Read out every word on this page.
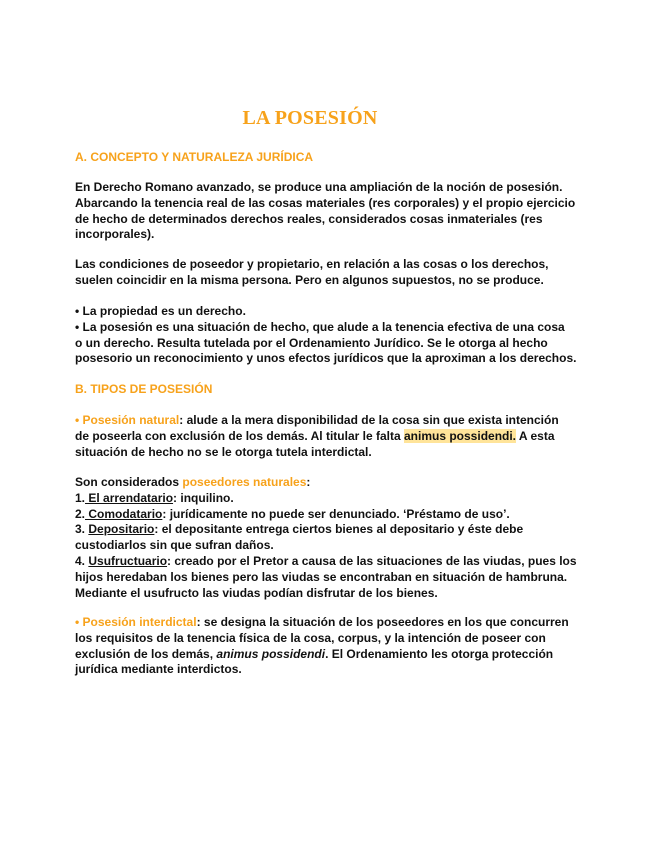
LA POSESIÓN
A. CONCEPTO Y NATURALEZA JURÍDICA
En Derecho Romano avanzado, se produce una ampliación de la noción de posesión.
Abarcando la tenencia real de las cosas materiales (res corporales) y el propio ejercicio
de hecho de determinados derechos reales, considerados cosas inmateriales (res
incorporales).
Las condiciones de poseedor y propietario, en relación a las cosas o los derechos,
suelen coincidir en la misma persona. Pero en algunos supuestos, no se produce.
• La propiedad es un derecho.
• La posesión es una situación de hecho, que alude a la tenencia efectiva de una cosa
o un derecho. Resulta tutelada por el Ordenamiento Jurídico. Se le otorga al hecho
posesorio un reconocimiento y unos efectos jurídicos que la aproximan a los derechos.
B. TIPOS DE POSESIÓN
• Posesión natural: alude a la mera disponibilidad de la cosa sin que exista intención
de poseerla con exclusión de los demás. Al titular le falta animus possidendi. A esta
situación de hecho no se le otorga tutela interdictal.
Son considerados poseedores naturales:
1. El arrendatario: inquilino.
2. Comodatario: jurídicamente no puede ser denunciado. ‘Préstamo de uso’.
3. Depositario: el depositante entrega ciertos bienes al depositario y éste debe
custodiarlos sin que sufran daños.
4. Usufructuario: creado por el Pretor a causa de las situaciones de las viudas, pues los
hijos heredaban los bienes pero las viudas se encontraban en situación de hambruna.
Mediante el usufructo las viudas podían disfrutar de los bienes.
• Posesión interdictal: se designa la situación de los poseedores en los que concurren
los requisitos de la tenencia física de la cosa, corpus, y la intención de poseer con
exclusión de los demás, animus possidendi. El Ordenamiento les otorga protección
jurídica mediante interdictos.
